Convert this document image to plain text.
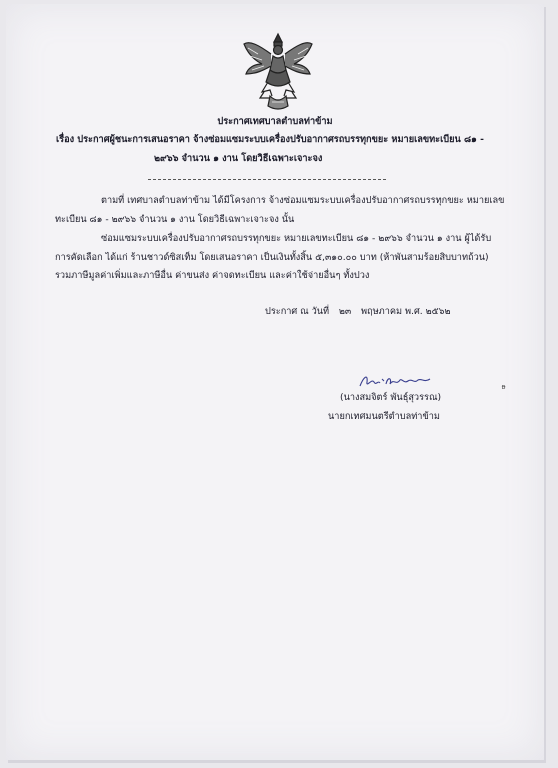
ประกาศเทศบาลตำบลท่าข้าม
เรื่อง ประกาศผู้ชนะการเสนอราคา จ้างซ่อมแซมระบบเครื่องปรับอากาศรถบรรทุกขยะ หมายเลขทะเบียน ๘๑ -
๒๙๖๖ จำนวน ๑ งาน โดยวิธีเฉพาะเจาะจง
ตามที่ เทศบาลตำบลท่าข้าม ได้มีโครงการ จ้างซ่อมแซมระบบเครื่องปรับอากาศรถบรรทุกขยะ หมายเลข
ทะเบียน ๘๑ - ๒๙๖๖ จำนวน ๑ งาน โดยวิธีเฉพาะเจาะจง นั้น
ซ่อมแซมระบบเครื่องปรับอากาศรถบรรทุกขยะ หมายเลขทะเบียน ๘๑ - ๒๙๖๖ จำนวน ๑ งาน ผู้ได้รับ
การคัดเลือก ได้แก่ ร้านชาวด์ซิสเท็ม โดยเสนอราคา เป็นเงินทั้งสิ้น ๕,๓๑๐.๐๐ บาท (ห้าพันสามร้อยสิบบาทถ้วน)
รวมภาษีมูลค่าเพิ่มและภาษีอื่น ค่าขนส่ง ค่าจดทะเบียน และค่าใช้จ่ายอื่นๆ ทั้งปวง
ประกาศ ณ วันที่ ๒๓ พฤษภาคม พ.ศ. ๒๕๖๒
ᴯ
(นางสมจิตร์ พันธุ์สุวรรณ)
นายกเทศมนตรีตำบลท่าข้าม
